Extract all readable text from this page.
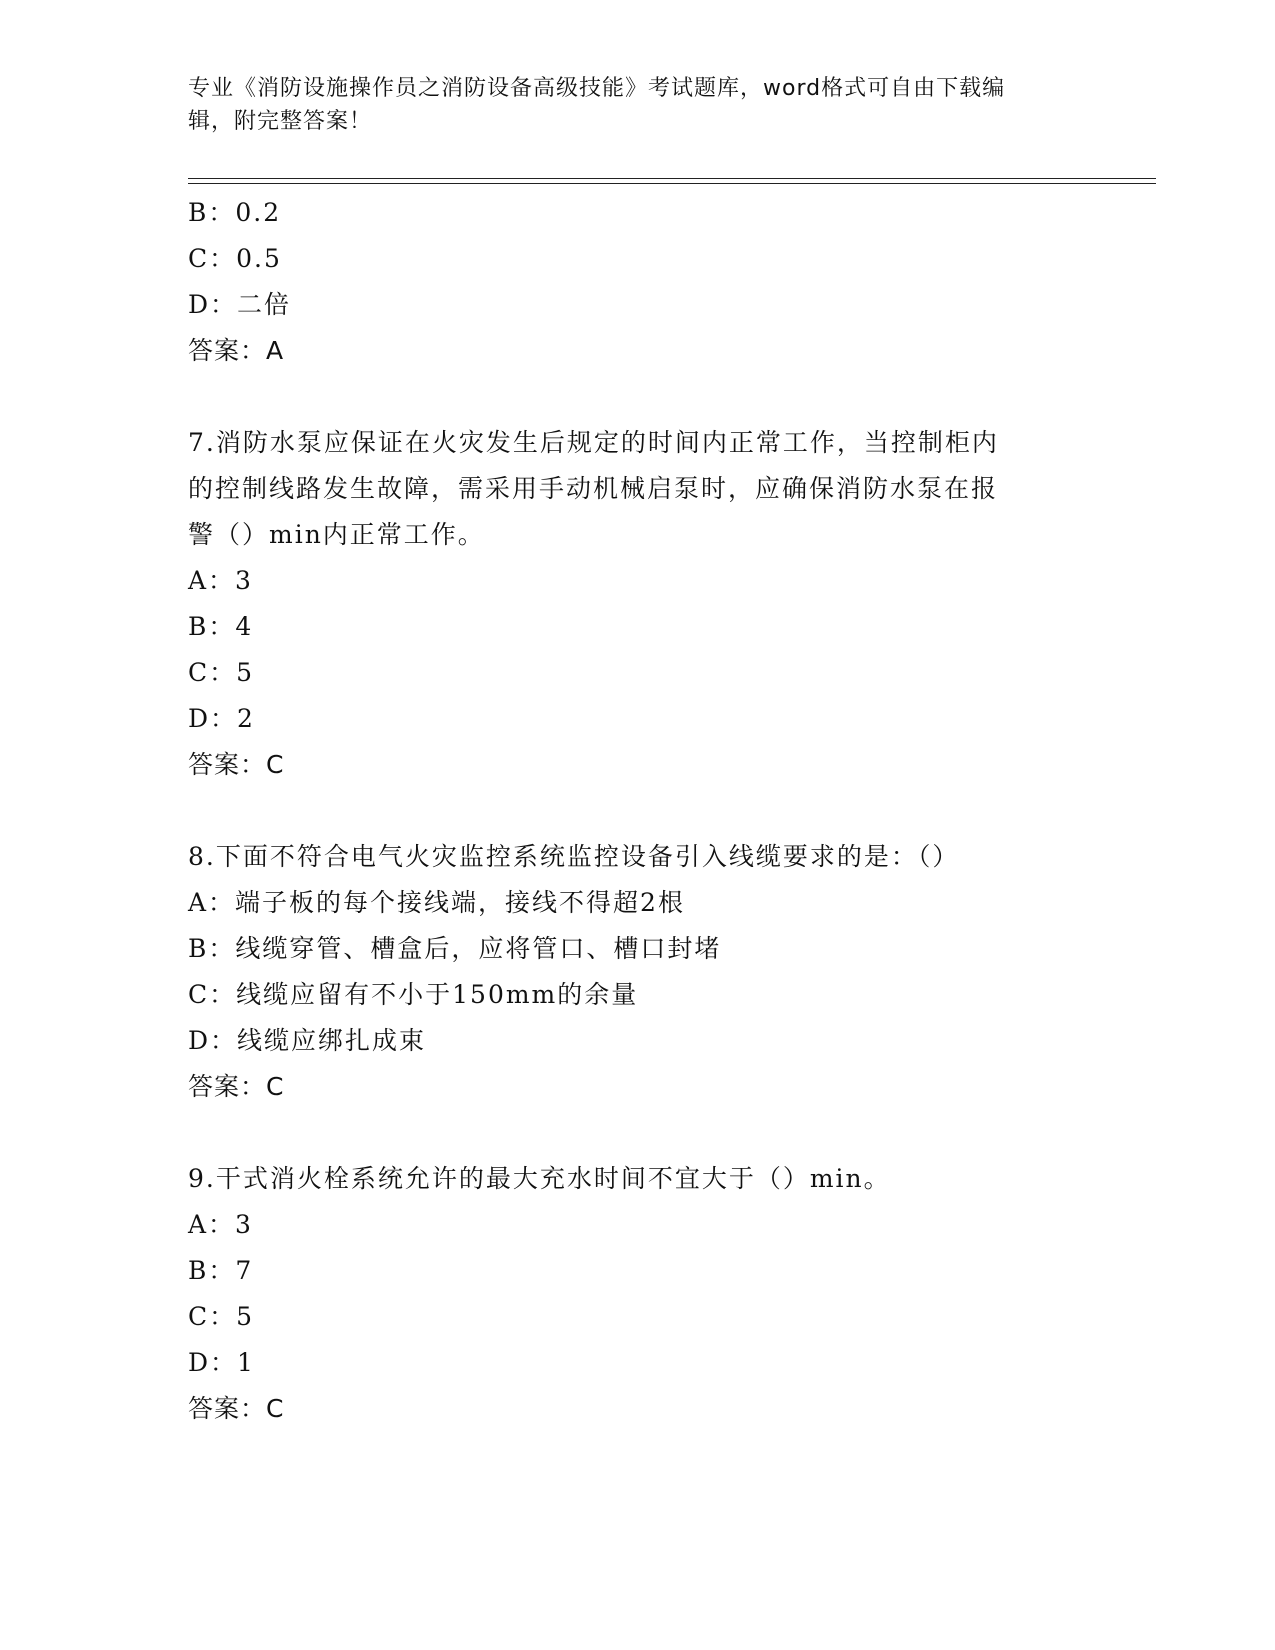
专业《消防设施操作员之消防设备高级技能》考试题库，word格式可自由下载编
辑，附完整答案！
B：0.2
C：0.5
D：二倍
答案：A
7.消防水泵应保证在火灾发生后规定的时间内正常工作，当控制柜内
的控制线路发生故障，需采用手动机械启泵时，应确保消防水泵在报
警（）min内正常工作。
A：3
B：4
C：5
D：2
答案：C
8.下面不符合电气火灾监控系统监控设备引入线缆要求的是：（）
A：端子板的每个接线端，接线不得超2根
B：线缆穿管、槽盒后，应将管口、槽口封堵
C：线缆应留有不小于150mm的余量
D：线缆应绑扎成束
答案：C
9.干式消火栓系统允许的最大充水时间不宜大于（）min。
A：3
B：7
C：5
D：1
答案：C
